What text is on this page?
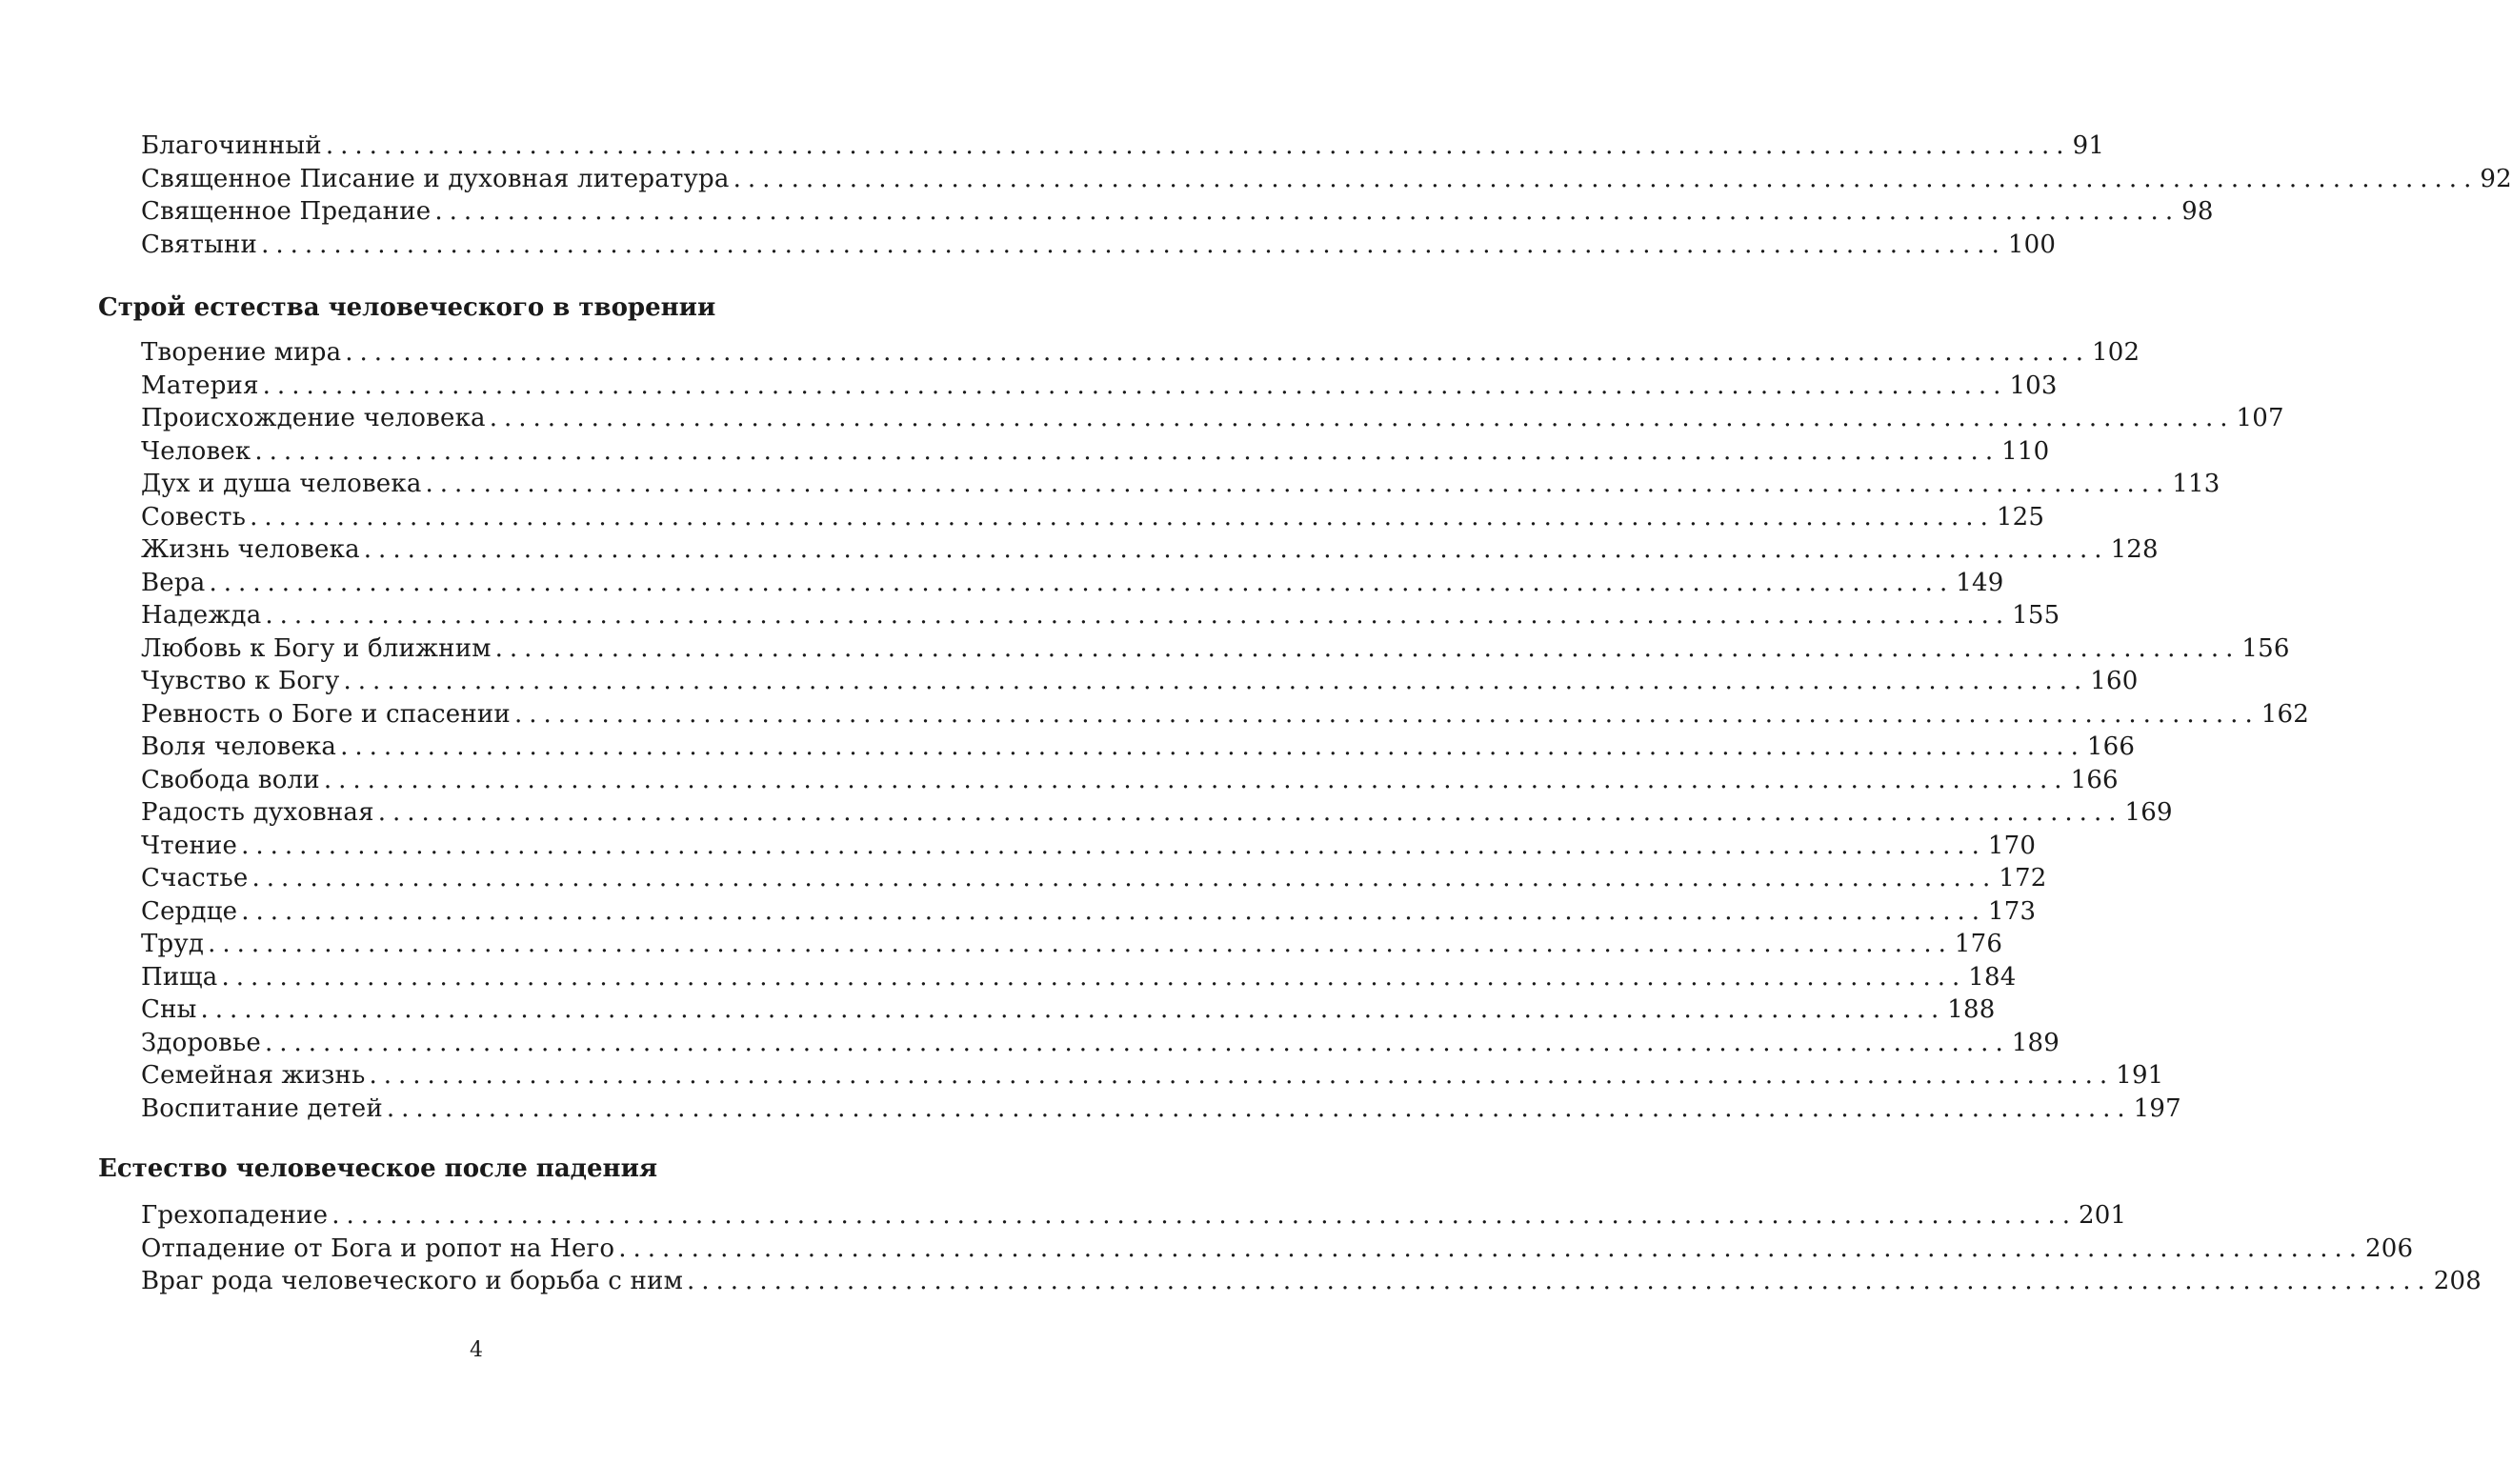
Благочинный ........................................................................................................................ 91
Священное Писание и духовная литература ........................................................................................................................ 92
Священное Предание ........................................................................................................................ 98
Святыни ........................................................................................................................ 100
Строй естества человеческого в творении
Творение мира ........................................................................................................................ 102
Материя ........................................................................................................................ 103
Происхождение человека ........................................................................................................................ 107
Человек ........................................................................................................................ 110
Дух и душа человека ........................................................................................................................ 113
Совесть ........................................................................................................................ 125
Жизнь человека ........................................................................................................................ 128
Вера ........................................................................................................................ 149
Надежда ........................................................................................................................ 155
Любовь к Богу и ближним ........................................................................................................................ 156
Чувство к Богу ........................................................................................................................ 160
Ревность о Боге и спасении ........................................................................................................................ 162
Воля человека ........................................................................................................................ 166
Свобода воли ........................................................................................................................ 166
Радость духовная ........................................................................................................................ 169
Чтение ........................................................................................................................ 170
Счастье ........................................................................................................................ 172
Сердце ........................................................................................................................ 173
Труд ........................................................................................................................ 176
Пища ........................................................................................................................ 184
Сны ........................................................................................................................ 188
Здоровье ........................................................................................................................ 189
Семейная жизнь ........................................................................................................................ 191
Воспитание детей ........................................................................................................................ 197
Естество человеческое после падения
Грехопадение ........................................................................................................................ 201
Отпадение от Бога и ропот на Него ........................................................................................................................ 206
Враг рода человеческого и борьба с ним ........................................................................................................................ 208
4
